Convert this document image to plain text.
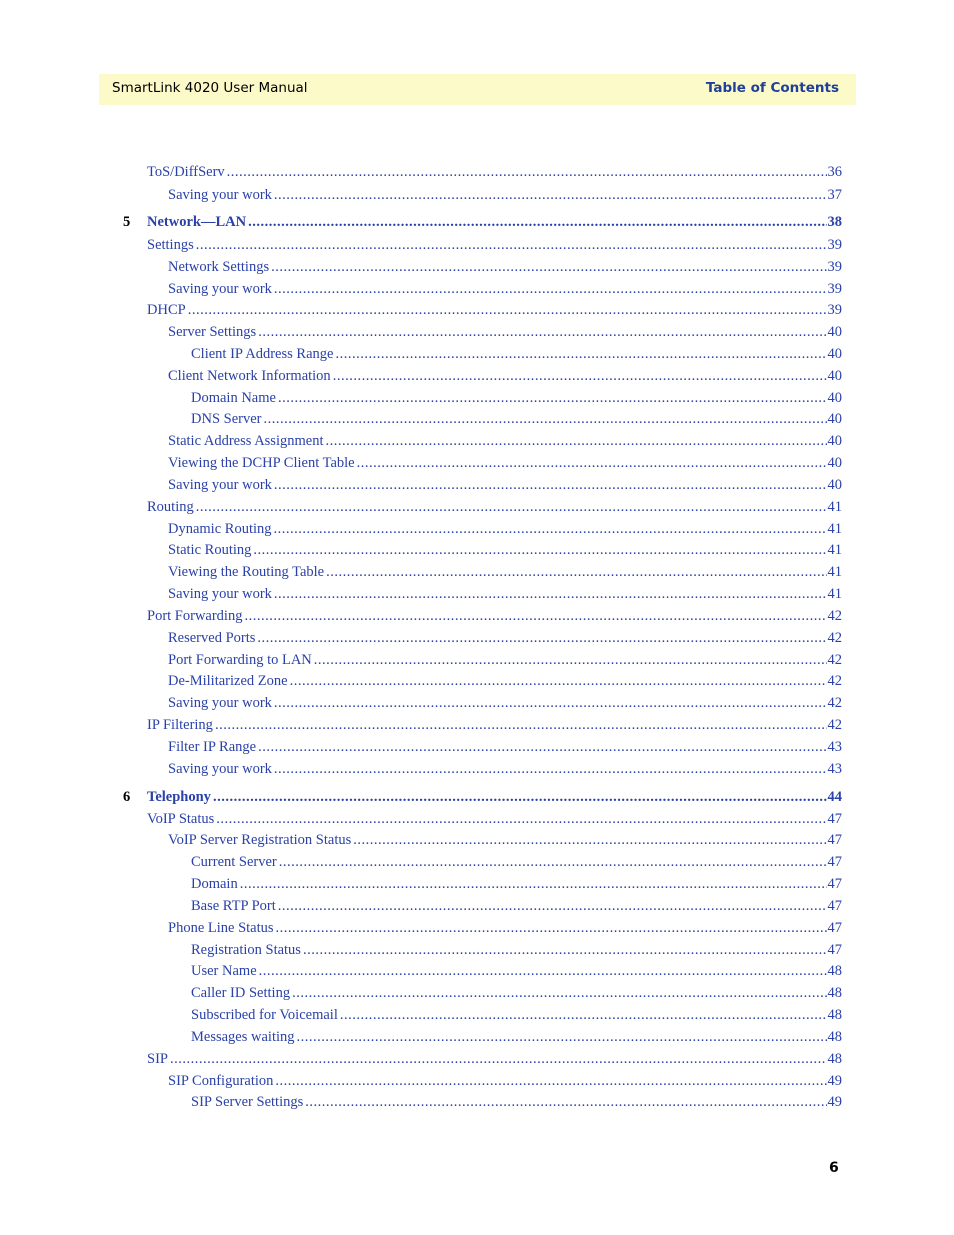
SmartLink 4020 User Manual	Table of Contents
ToS/DiffServ .....	36
Saving your work .....	37
5 Network—LAN .....	38
Settings .....	39
Network Settings .....	39
Saving your work .....	39
DHCP .....	39
Server Settings .....	40
Client IP Address Range .....	40
Client Network Information .....	40
Domain Name .....	40
DNS Server .....	40
Static Address Assignment .....	40
Viewing the DCHP Client Table .....	40
Saving your work .....	40
Routing .....	41
Dynamic Routing .....	41
Static Routing .....	41
Viewing the Routing Table .....	41
Saving your work .....	41
Port Forwarding .....	42
Reserved Ports .....	42
Port Forwarding to LAN .....	42
De-Militarized Zone .....	42
Saving your work .....	42
IP Filtering .....	42
Filter IP Range .....	43
Saving your work .....	43
6 Telephony .....	44
VoIP Status .....	47
VoIP Server Registration Status .....	47
Current Server .....	47
Domain .....	47
Base RTP Port .....	47
Phone Line Status .....	47
Registration Status .....	47
User Name .....	48
Caller ID Setting .....	48
Subscribed for Voicemail .....	48
Messages waiting .....	48
SIP .....	48
SIP Configuration .....	49
SIP Server Settings .....	49
6
